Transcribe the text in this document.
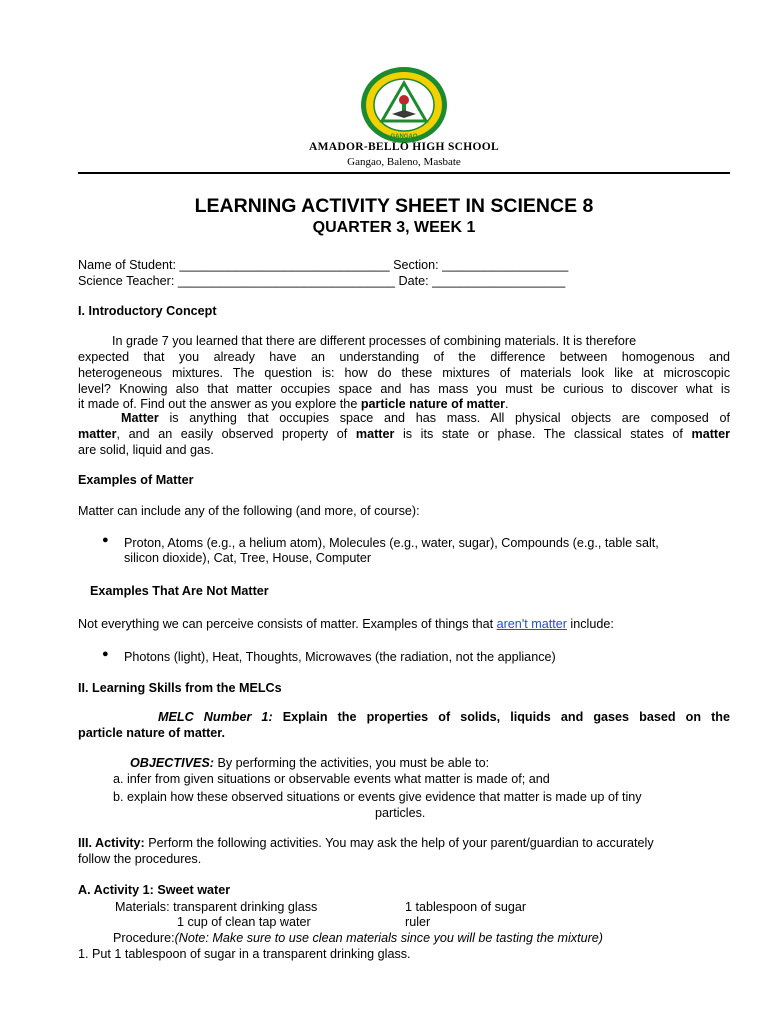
GANGAO
AMADOR-BELLO HIGH SCHOOL
Gangao, Baleno, Masbate
LEARNING ACTIVITY SHEET IN SCIENCE 8
QUARTER 3, WEEK 1
Name of Student: ______________________________ Section: __________________
Science Teacher: _______________________________ Date: ___________________
I. Introductory Concept
In grade 7 you learned that there are different processes of combining materials. It is therefore
expected that you already have an understanding of the difference between homogenous and
heterogeneous mixtures. The question is: how do these mixtures of materials look like at microscopic
level? Knowing also that matter occupies space and has mass you must be curious to discover what is
it made of. Find out the answer as you explore the particle nature of matter.
Matter is anything that occupies space and has mass. All physical objects are composed of
matter, and an easily observed property of matter is its state or phase. The classical states of matter
are solid, liquid and gas.
Examples of Matter
Matter can include any of the following (and more, of course):
● Proton, Atoms (e.g., a helium atom), Molecules (e.g., water, sugar), Compounds (e.g., table salt,
silicon dioxide), Cat, Tree, House, Computer
Examples That Are Not Matter
Not everything we can perceive consists of matter. Examples of things that aren't matter include:
● Photons (light), Heat, Thoughts, Microwaves (the radiation, not the appliance)
II. Learning Skills from the MELCs
MELC Number 1: Explain the properties of solids, liquids and gases based on the
particle nature of matter.
OBJECTIVES: By performing the activities, you must be able to:
a. infer from given situations or observable events what matter is made of; and
b. explain how these observed situations or events give evidence that matter is made up of tiny
particles.
III. Activity: Perform the following activities. You may ask the help of your parent/guardian to accurately
follow the procedures.
A. Activity 1: Sweet water
Materials: transparent drinking glass	1 tablespoon of sugar
1 cup of clean tap water	ruler
Procedure:(Note: Make sure to use clean materials since you will be tasting the mixture)
1. Put 1 tablespoon of sugar in a transparent drinking glass.
